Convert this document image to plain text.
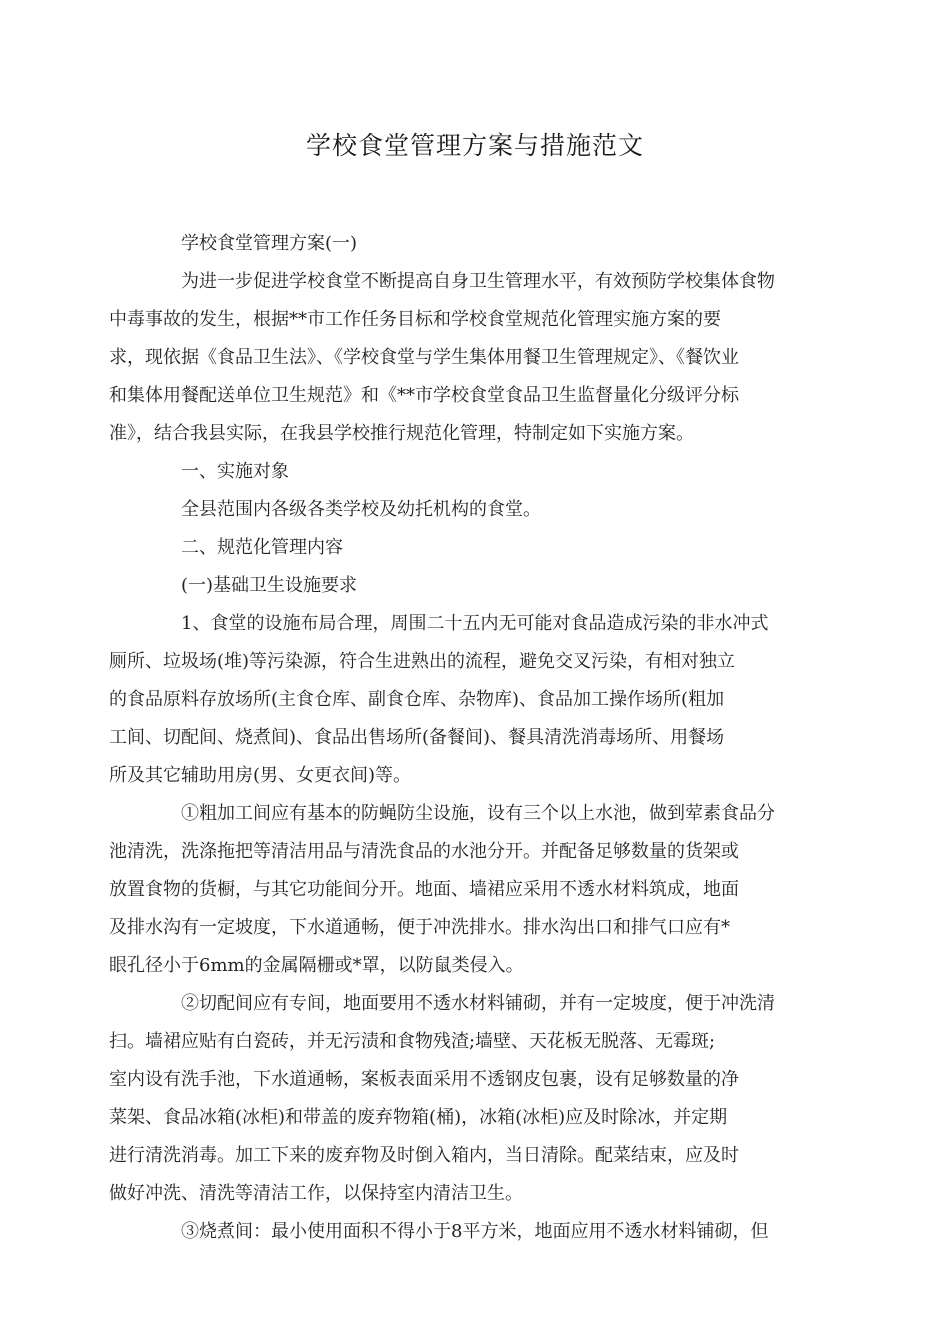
学校食堂管理方案与措施范文
学校食堂管理方案(一)
为进一步促进学校食堂不断提高自身卫生管理水平，有效预防学校集体食物
中毒事故的发生，根据**市工作任务目标和学校食堂规范化管理实施方案的要
求，现依据《食品卫生法》、《学校食堂与学生集体用餐卫生管理规定》、《餐饮业
和集体用餐配送单位卫生规范》和《**市学校食堂食品卫生监督量化分级评分标
准》，结合我县实际，在我县学校推行规范化管理，特制定如下实施方案。
一、实施对象
全县范围内各级各类学校及幼托机构的食堂。
二、规范化管理内容
(一)基础卫生设施要求
1、食堂的设施布局合理，周围二十五内无可能对食品造成污染的非水冲式
厕所、垃圾场(堆)等污染源，符合生进熟出的流程，避免交叉污染，有相对独立
的食品原料存放场所(主食仓库、副食仓库、杂物库)、食品加工操作场所(粗加
工间、切配间、烧煮间)、食品出售场所(备餐间)、餐具清洗消毒场所、用餐场
所及其它辅助用房(男、女更衣间)等。
①粗加工间应有基本的防蝇防尘设施，设有三个以上水池，做到荤素食品分
池清洗，洗涤拖把等清洁用品与清洗食品的水池分开。并配备足够数量的货架或
放置食物的货橱，与其它功能间分开。地面、墙裙应采用不透水材料筑成，地面
及排水沟有一定坡度，下水道通畅，便于冲洗排水。排水沟出口和排气口应有*
眼孔径小于6mm的金属隔栅或*罩，以防鼠类侵入。
②切配间应有专间，地面要用不透水材料铺砌，并有一定坡度，便于冲洗清
扫。墙裙应贴有白瓷砖，并无污渍和食物残渣;墙壁、天花板无脱落、无霉斑;
室内设有洗手池，下水道通畅，案板表面采用不透钢皮包裹，设有足够数量的净
菜架、食品冰箱(冰柜)和带盖的废弃物箱(桶)，冰箱(冰柜)应及时除冰，并定期
进行清洗消毒。加工下来的废弃物及时倒入箱内，当日清除。配菜结束，应及时
做好冲洗、清洗等清洁工作，以保持室内清洁卫生。
③烧煮间：最小使用面积不得小于8平方米，地面应用不透水材料铺砌，但
